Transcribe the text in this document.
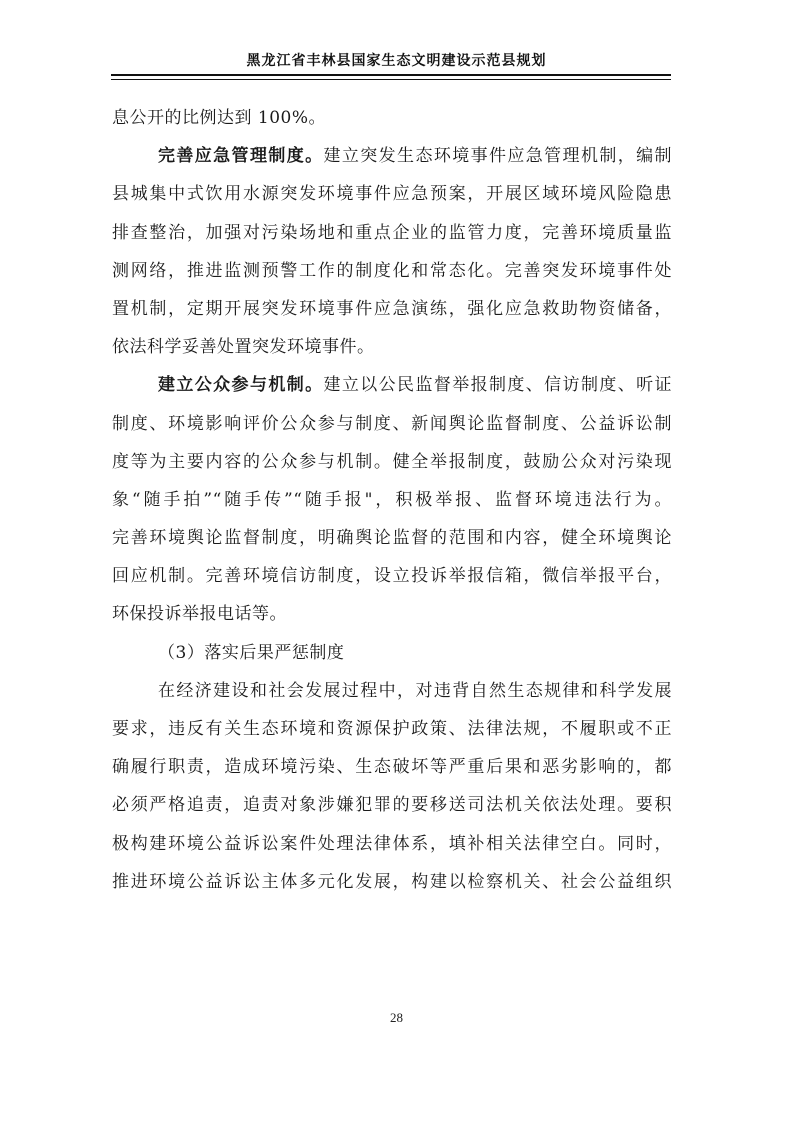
黑龙江省丰林县国家生态文明建设示范县规划
息公开的比例达到 100%。
完善应急管理制度。建立突发生态环境事件应急管理机制，编制
县城集中式饮用水源突发环境事件应急预案，开展区域环境风险隐患
排查整治，加强对污染场地和重点企业的监管力度，完善环境质量监
测网络，推进监测预警工作的制度化和常态化。完善突发环境事件处
置机制，定期开展突发环境事件应急演练，强化应急救助物资储备，
依法科学妥善处置突发环境事件。
建立公众参与机制。建立以公民监督举报制度、信访制度、听证
制度、环境影响评价公众参与制度、新闻舆论监督制度、公益诉讼制
度等为主要内容的公众参与机制。健全举报制度，鼓励公众对污染现
象“随手拍”“随手传”“随手报"，积极举报、监督环境违法行为。
完善环境舆论监督制度，明确舆论监督的范围和内容，健全环境舆论
回应机制。完善环境信访制度，设立投诉举报信箱，微信举报平台，
环保投诉举报电话等。
（3）落实后果严惩制度
在经济建设和社会发展过程中，对违背自然生态规律和科学发展
要求，违反有关生态环境和资源保护政策、法律法规，不履职或不正
确履行职责，造成环境污染、生态破坏等严重后果和恶劣影响的，都
必须严格追责，追责对象涉嫌犯罪的要移送司法机关依法处理。要积
极构建环境公益诉讼案件处理法律体系，填补相关法律空白。同时，
推进环境公益诉讼主体多元化发展，构建以检察机关、社会公益组织
28
